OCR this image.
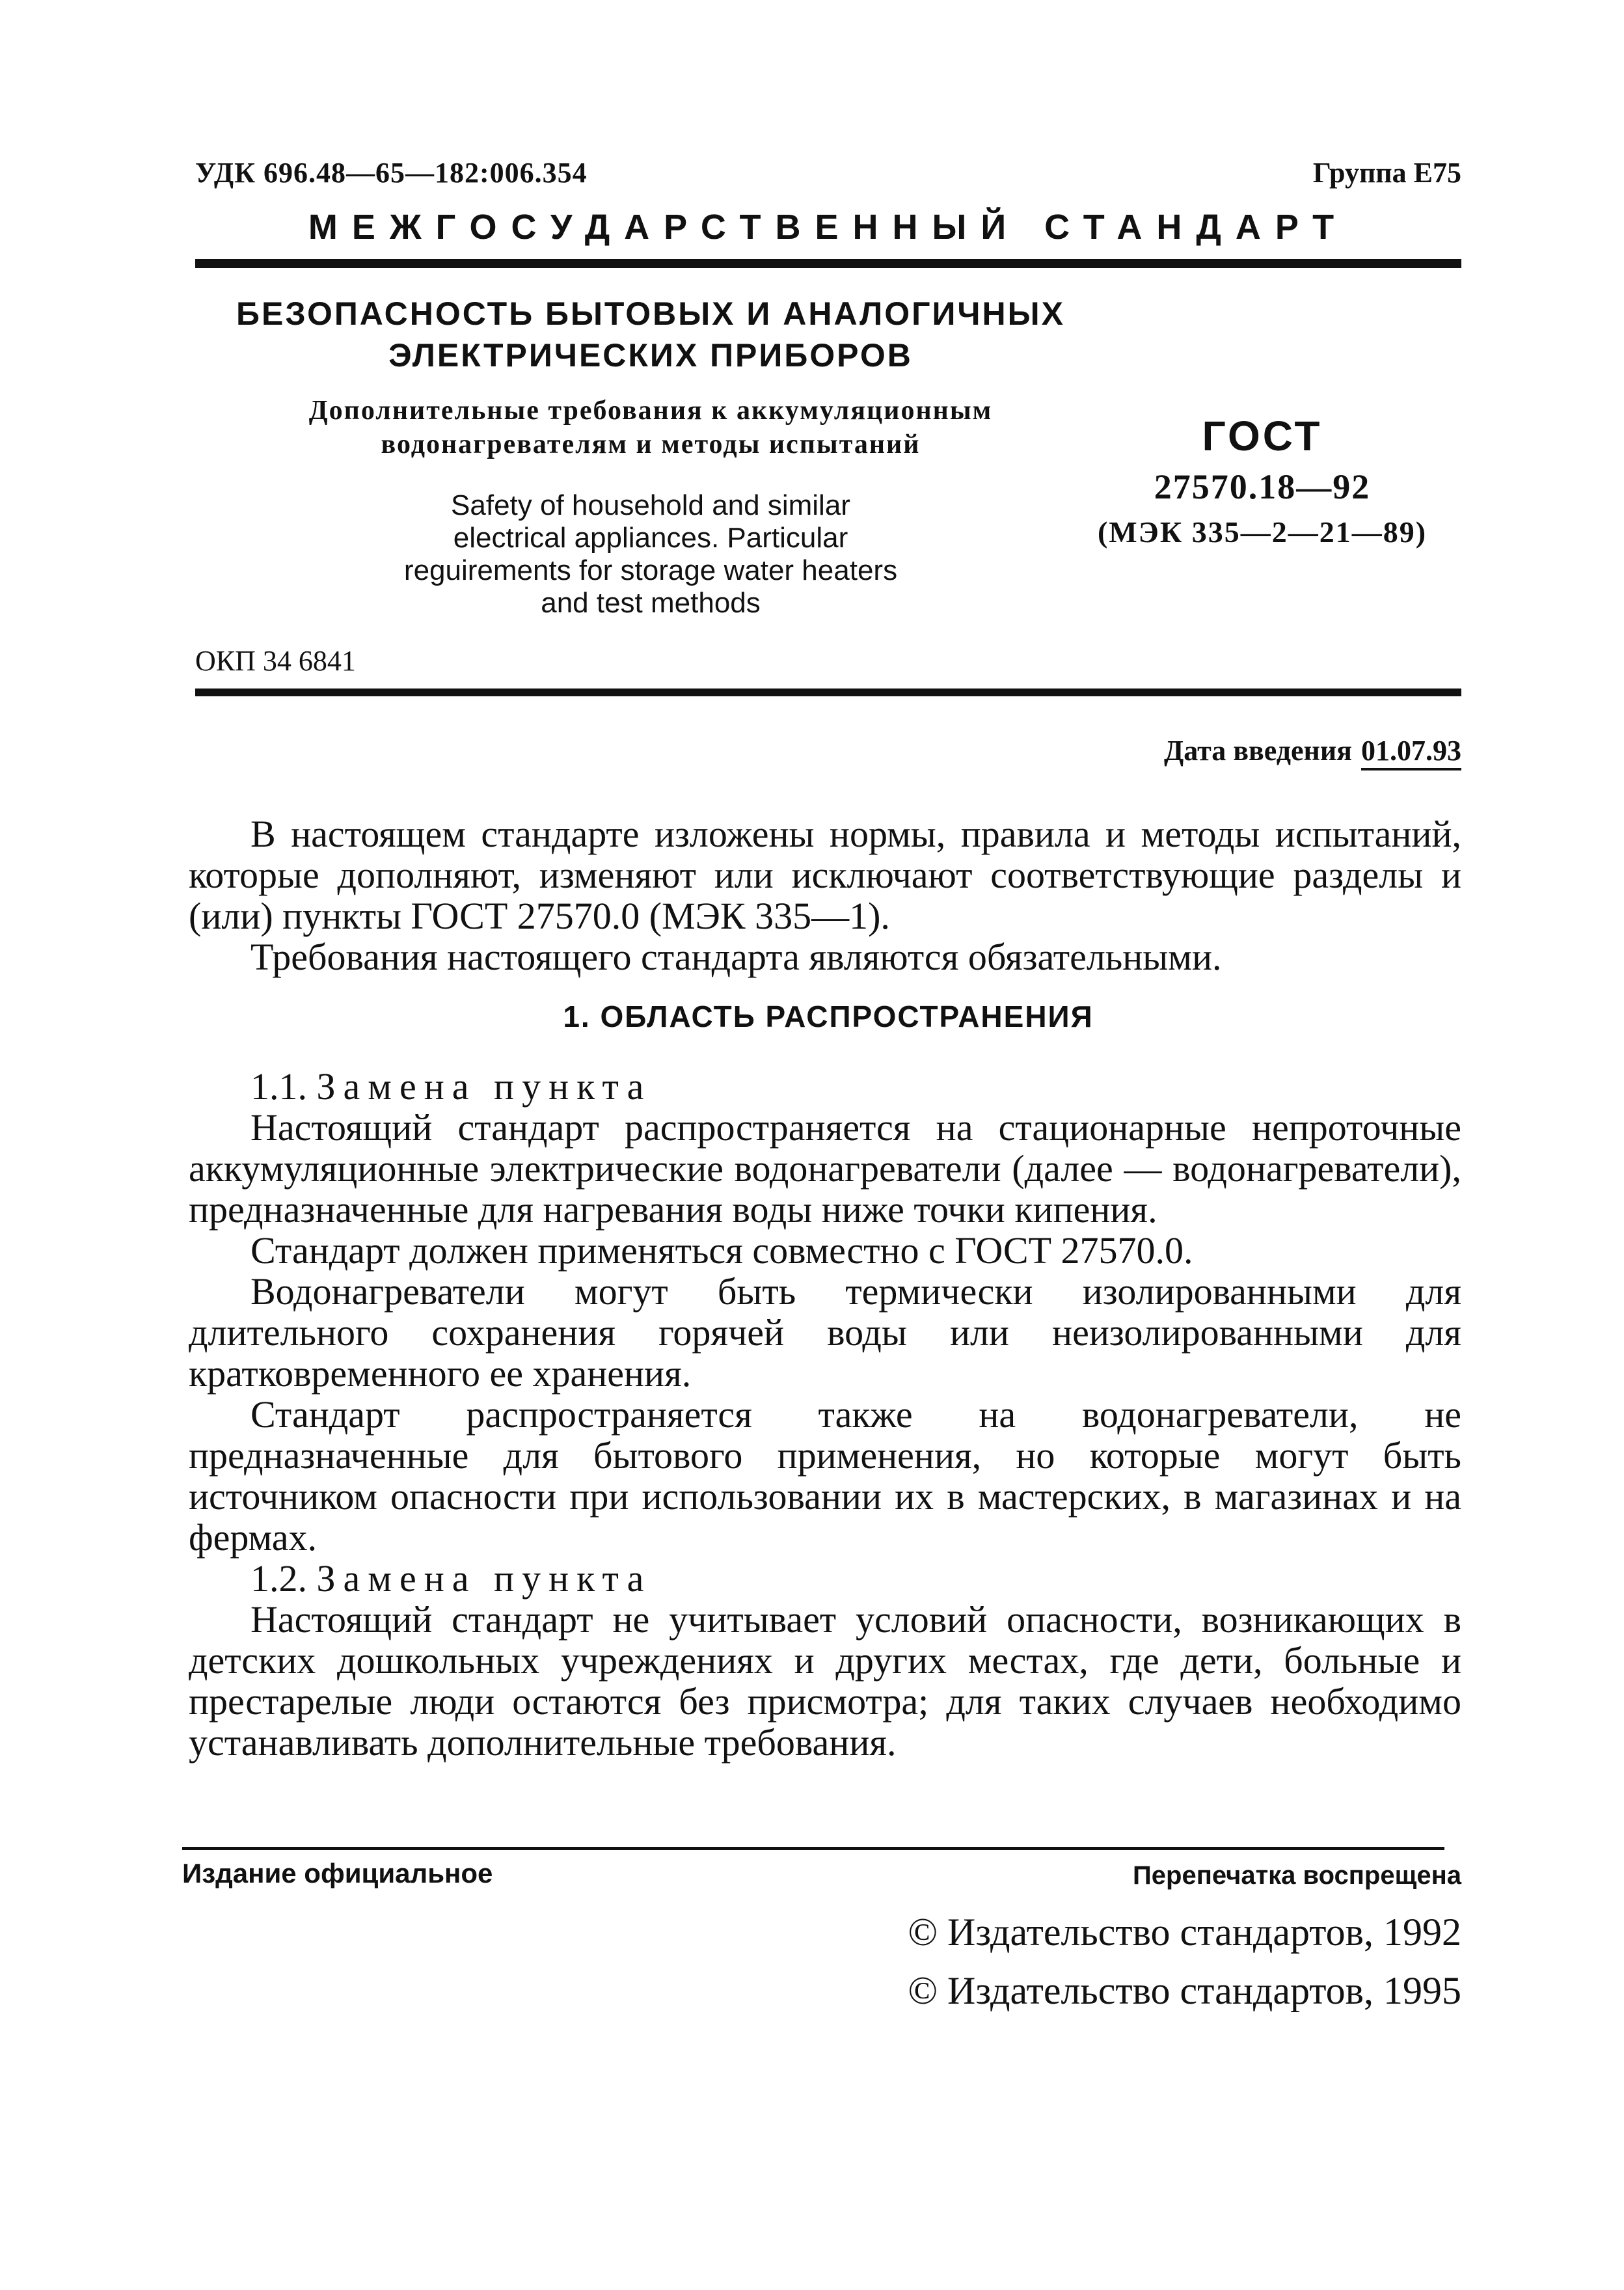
УДК 696.48—65—182:006.354	Группа Е75
МЕЖГОСУДАРСТВЕННЫЙ СТАНДАРТ
БЕЗОПАСНОСТЬ БЫТОВЫХ И АНАЛОГИЧНЫХ
ЭЛЕКТРИЧЕСКИХ ПРИБОРОВ
Дополнительные требования к аккумуляционным
водонагревателям и методы испытаний
Safety of household and similar
electrical appliances. Particular
reguirements for storage water heaters
and test methods
ГОСТ
27570.18—92
(МЭК 335—2—21—89)
ОКП 34 6841
Дата введения 01.07.93

В настоящем стандарте изложены нормы, правила и методы испытаний, которые дополняют, изменяют или исключают соответствующие разделы и (или) пункты ГОСТ 27570.0 (МЭК 335—1).

Требования настоящего стандарта являются обязательными.

1. ОБЛАСТЬ РАСПРОСТРАНЕНИЯ

1.1. Замена пункта

Настоящий стандарт распространяется на стационарные непроточные аккумуляционные электрические водонагреватели (далее — водонагреватели), предназначенные для нагревания воды ниже точки кипения.

Стандарт должен применяться совместно с ГОСТ 27570.0.

Водонагреватели могут быть термически изолированными для длительного сохранения горячей воды или неизолированными для кратковременного ее хранения.

Стандарт распространяется также на водонагреватели, не предназначенные для бытового применения, но которые могут быть источником опасности при использовании их в мастерских, в магазинах и на фермах.

1.2. Замена пункта

Настоящий стандарт не учитывает условий опасности, возникающих в детских дошкольных учреждениях и других местах, где дети, больные и престарелые люди остаются без присмотра; для таких случаев необходимо устанавливать дополнительные требования.

Издание официальное	Перепечатка воспрещена
© Издательство стандартов, 1992
© Издательство стандартов, 1995
